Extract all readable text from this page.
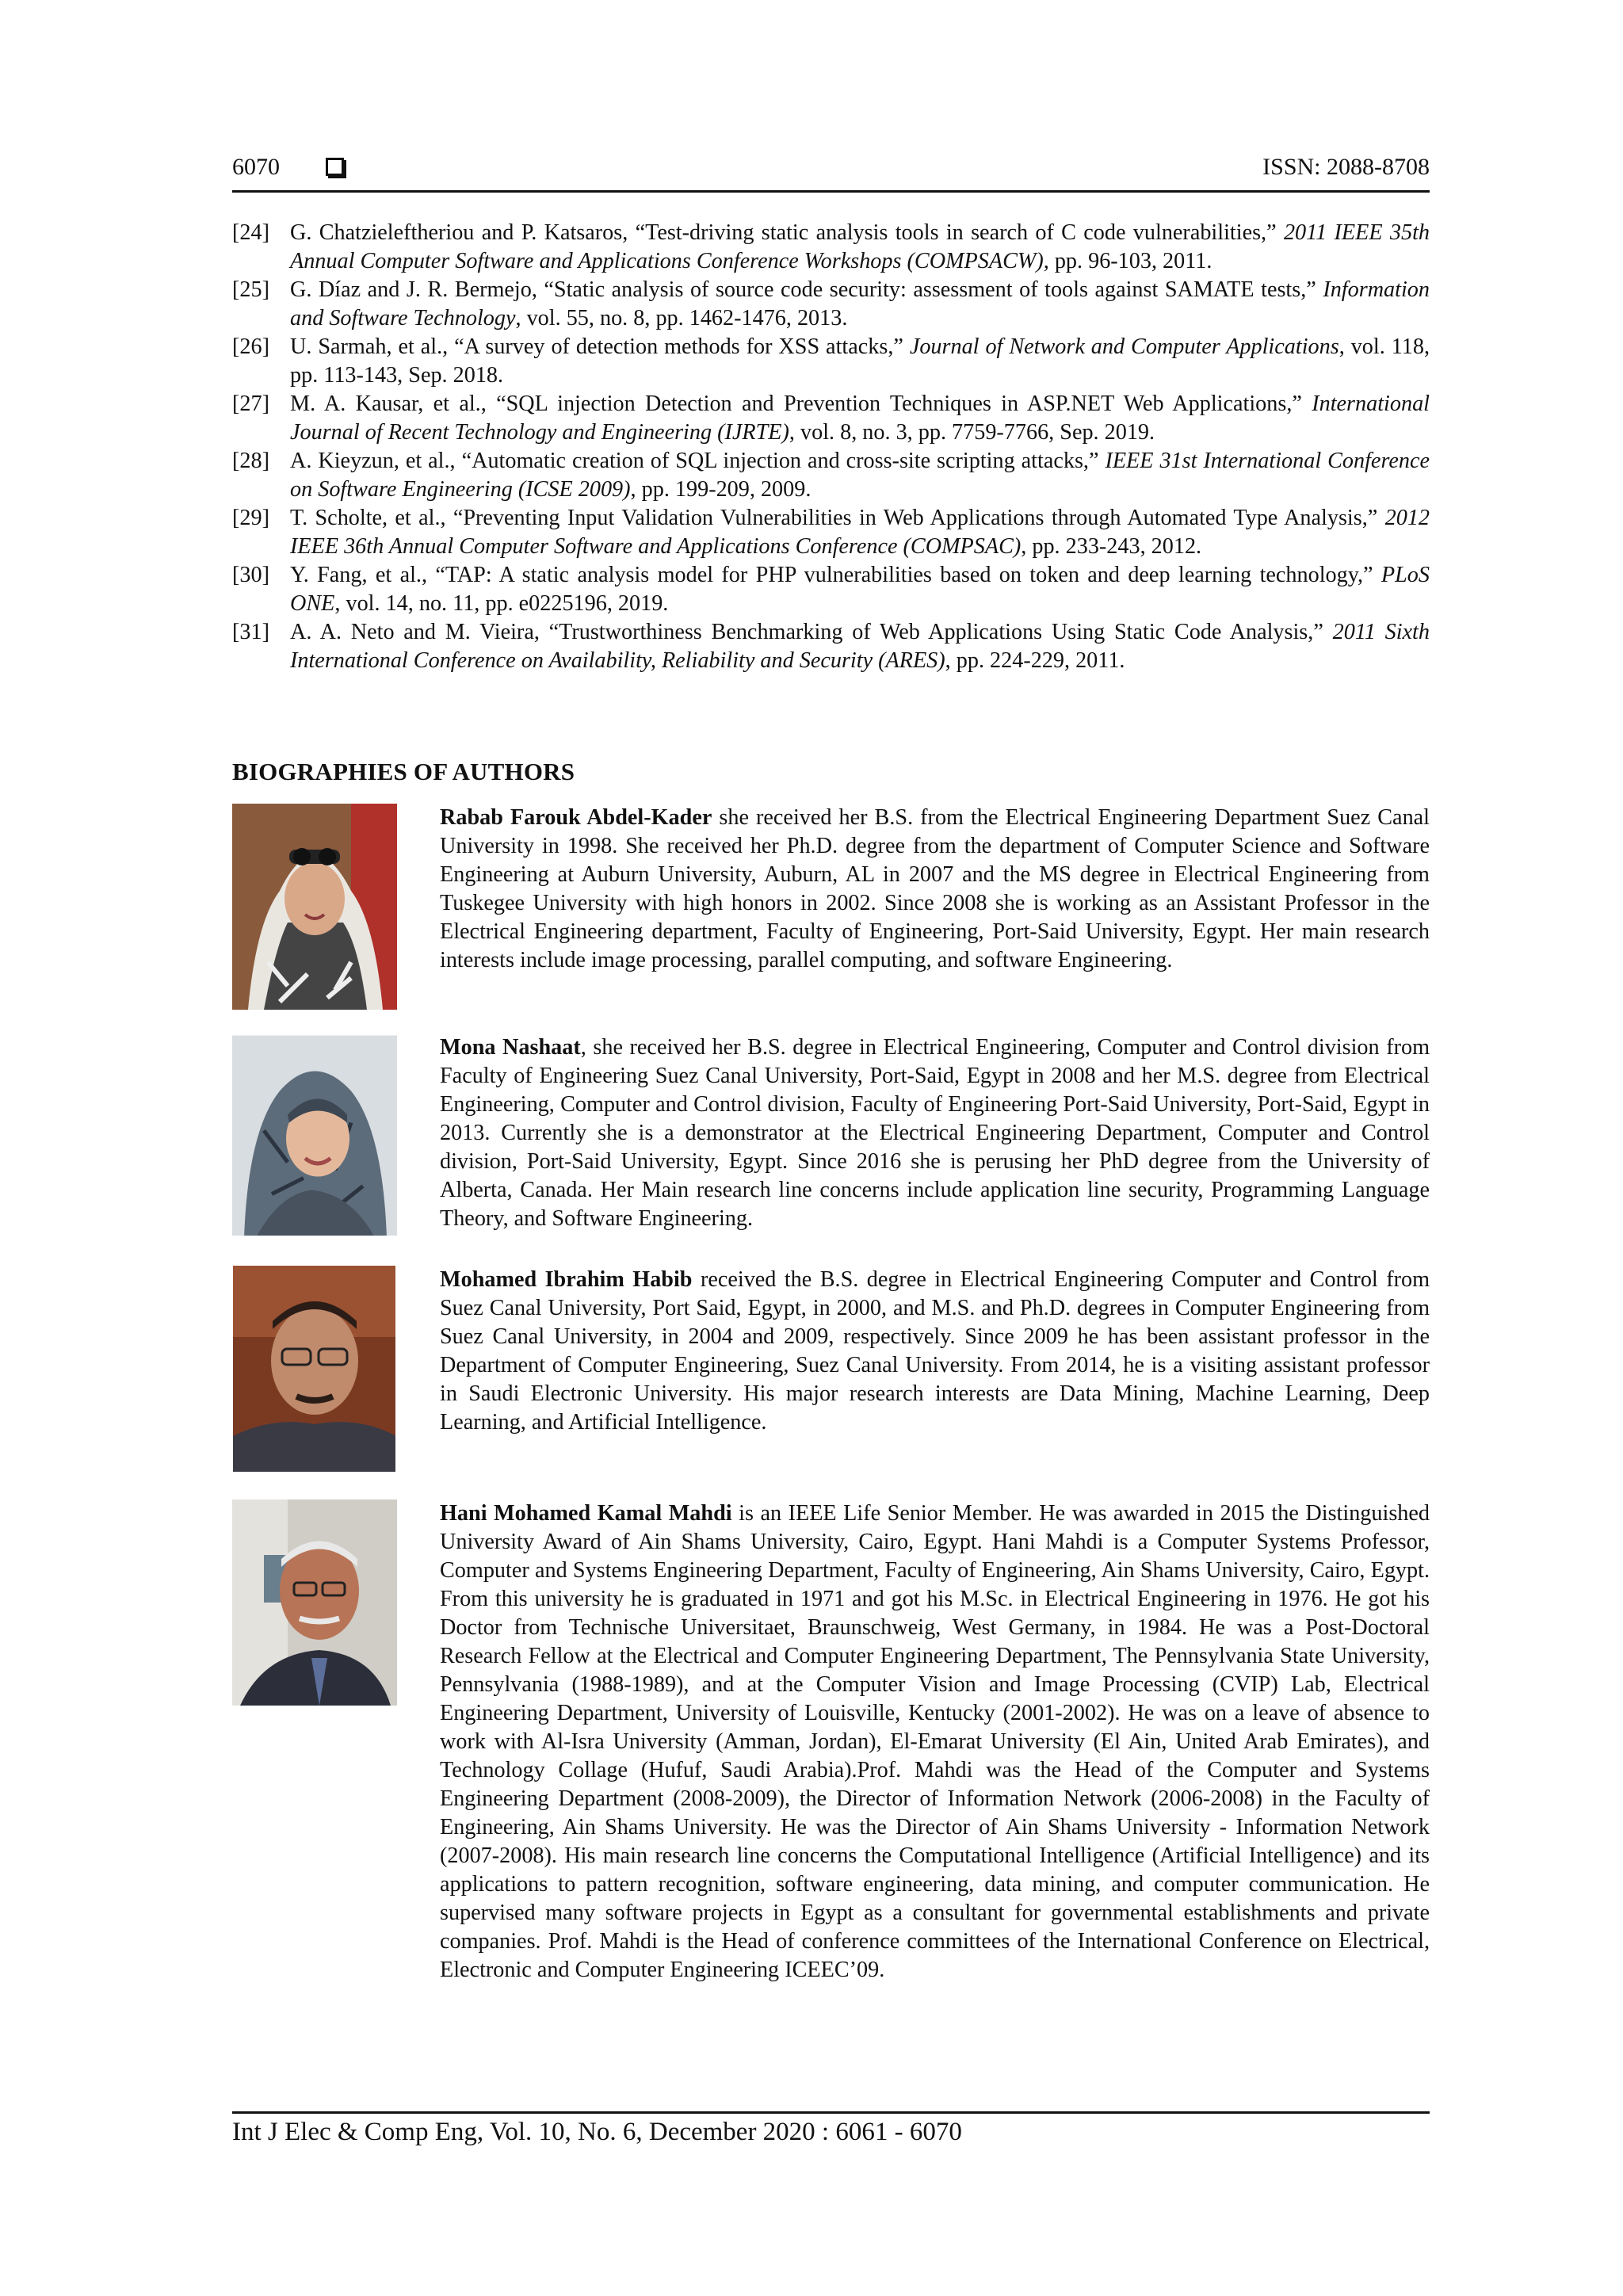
6070	ISSN: 2088-8708
[24] G. Chatzieleftheriou and P. Katsaros, “Test-driving static analysis tools in search of C code vulnerabilities,” 2011 IEEE 35th Annual Computer Software and Applications Conference Workshops (COMPSACW), pp. 96-103, 2011.
[25] G. Díaz and J. R. Bermejo, “Static analysis of source code security: assessment of tools against SAMATE tests,” Information and Software Technology, vol. 55, no. 8, pp. 1462-1476, 2013.
[26] U. Sarmah, et al., “A survey of detection methods for XSS attacks,” Journal of Network and Computer Applications, vol. 118, pp. 113-143, Sep. 2018.
[27] M. A. Kausar, et al., “SQL injection Detection and Prevention Techniques in ASP.NET Web Applications,” International Journal of Recent Technology and Engineering (IJRTE), vol. 8, no. 3, pp. 7759-7766, Sep. 2019.
[28] A. Kieyzun, et al., “Automatic creation of SQL injection and cross-site scripting attacks,” IEEE 31st International Conference on Software Engineering (ICSE 2009), pp. 199-209, 2009.
[29] T. Scholte, et al., “Preventing Input Validation Vulnerabilities in Web Applications through Automated Type Analysis,” 2012 IEEE 36th Annual Computer Software and Applications Conference (COMPSAC), pp. 233-243, 2012.
[30] Y. Fang, et al., “TAP: A static analysis model for PHP vulnerabilities based on token and deep learning technology,” PLoS ONE, vol. 14, no. 11, pp. e0225196, 2019.
[31] A. A. Neto and M. Vieira, “Trustworthiness Benchmarking of Web Applications Using Static Code Analysis,” 2011 Sixth International Conference on Availability, Reliability and Security (ARES), pp. 224-229, 2011.
BIOGRAPHIES OF AUTHORS
Rabab Farouk Abdel-Kader she received her B.S. from the Electrical Engineering Department Suez Canal University in 1998. She received her Ph.D. degree from the department of Computer Science and Software Engineering at Auburn University, Auburn, AL in 2007 and the MS degree in Electrical Engineering from Tuskegee University with high honors in 2002. Since 2008 she is working as an Assistant Professor in the Electrical Engineering department, Faculty of Engineering, Port-Said University, Egypt. Her main research interests include image processing, parallel computing, and software Engineering.
Mona Nashaat, she received her B.S. degree in Electrical Engineering, Computer and Control division from Faculty of Engineering Suez Canal University, Port-Said, Egypt in 2008 and her M.S. degree from Electrical Engineering, Computer and Control division, Faculty of Engineering Port-Said University, Port-Said, Egypt in 2013. Currently she is a demonstrator at the Electrical Engineering Department, Computer and Control division, Port-Said University, Egypt. Since 2016 she is perusing her PhD degree from the University of Alberta, Canada. Her Main research line concerns include application line security, Programming Language Theory, and Software Engineering.
Mohamed Ibrahim Habib received the B.S. degree in Electrical Engineering Computer and Control from Suez Canal University, Port Said, Egypt, in 2000, and M.S. and Ph.D. degrees in Computer Engineering from Suez Canal University, in 2004 and 2009, respectively. Since 2009 he has been assistant professor in the Department of Computer Engineering, Suez Canal University. From 2014, he is a visiting assistant professor in Saudi Electronic University. His major research interests are Data Mining, Machine Learning, Deep Learning, and Artificial Intelligence.
Hani Mohamed Kamal Mahdi is an IEEE Life Senior Member. He was awarded in 2015 the Distinguished University Award of Ain Shams University, Cairo, Egypt. Hani Mahdi is a Computer Systems Professor, Computer and Systems Engineering Department, Faculty of Engineering, Ain Shams University, Cairo, Egypt. From this university he is graduated in 1971 and got his M.Sc. in Electrical Engineering in 1976. He got his Doctor from Technische Universitaet, Braunschweig, West Germany, in 1984. He was a Post-Doctoral Research Fellow at the Electrical and Computer Engineering Department, The Pennsylvania State University, Pennsylvania (1988-1989), and at the Computer Vision and Image Processing (CVIP) Lab, Electrical Engineering Department, University of Louisville, Kentucky (2001-2002). He was on a leave of absence to work with Al-Isra University (Amman, Jordan), El-Emarat University (El Ain, United Arab Emirates), and Technology Collage (Hufuf, Saudi Arabia).Prof. Mahdi was the Head of the Computer and Systems Engineering Department (2008-2009), the Director of Information Network (2006-2008) in the Faculty of Engineering, Ain Shams University. He was the Director of Ain Shams University - Information Network (2007-2008). His main research line concerns the Computational Intelligence (Artificial Intelligence) and its applications to pattern recognition, software engineering, data mining, and computer communication. He supervised many software projects in Egypt as a consultant for governmental establishments and private companies. Prof. Mahdi is the Head of conference committees of the International Conference on Electrical, Electronic and Computer Engineering ICEEC’09.
Int J Elec & Comp Eng, Vol. 10, No. 6, December 2020 : 6061 - 6070
